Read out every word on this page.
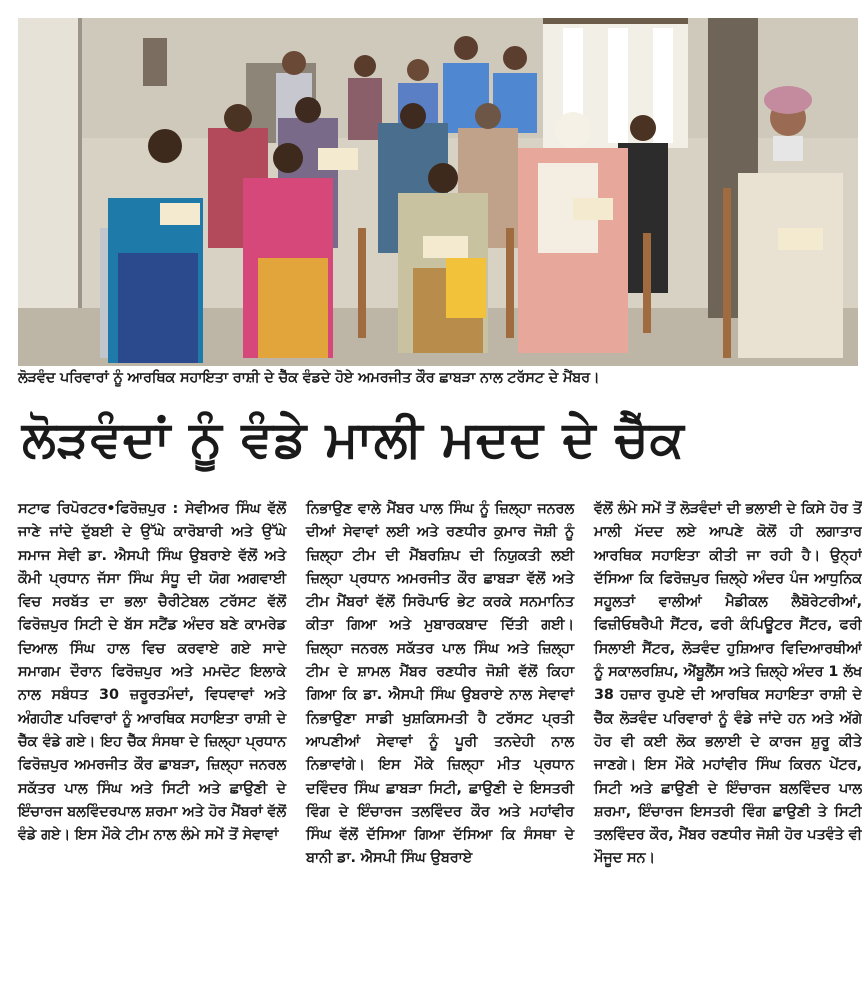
ਲੋੜਵੰਦ ਪਰਿਵਾਰਾਂ ਨੂੰ ਆਰਥਿਕ ਸਹਾਇਤਾ ਰਾਸ਼ੀ ਦੇ ਚੈੱਕ ਵੰਡਦੇ ਹੋਏ ਅਮਰਜੀਤ ਕੌਰ ਛਾਬੜਾ ਨਾਲ ਟਰੱਸਟ ਦੇ ਮੈਂਬਰ।
ਲੋੜਵੰਦਾਂ ਨੂੰ ਵੰਡੇ ਮਾਲੀ ਮਦਦ ਦੇ ਚੈੱਕ

ਸਟਾਫ ਰਿਪੋਰਟਰ•ਫਿਰੋਜ਼ਪੁਰ : ਸੇਵੀਅਰ ਸਿੰਘ ਵੱਲੋਂ ਜਾਣੇ ਜਾਂਦੇ ਦੁੱਬਈ ਦੇ ਉੱਘੇ ਕਾਰੋਬਾਰੀ ਅਤੇ ਉੱਘੇ ਸਮਾਜ ਸੇਵੀ ਡਾ. ਐਸਪੀ ਸਿੰਘ ਉਬਰਾਏ ਵੱਲੋਂ ਅਤੇ ਕੌਮੀ ਪ੍ਰਧਾਨ ਜੱਸਾ ਸਿੰਘ ਸੰਧੂ ਦੀ ਯੋਗ ਅਗਵਾਈ ਵਿਚ ਸਰਬੱਤ ਦਾ ਭਲਾ ਚੈਰੀਟੇਬਲ ਟਰੱਸਟ ਵੱਲੋਂ ਫਿਰੋਜ਼ਪੁਰ ਸਿਟੀ ਦੇ ਬੱਸ ਸਟੈਂਡ ਅੰਦਰ ਬਣੇ ਕਾਮਰੇਡ ਦਿਆਲ ਸਿੰਘ ਹਾਲ ਵਿਚ ਕਰਵਾਏ ਗਏ ਸਾਦੇ ਸਮਾਗਮ ਦੌਰਾਨ ਫਿਰੋਜ਼ਪੁਰ ਅਤੇ ਮਮਦੋਟ ਇਲਾਕੇ ਨਾਲ ਸਬੰਧਤ 30 ਜ਼ਰੂਰਤਮੰਦਾਂ, ਵਿਧਵਾਵਾਂ ਅਤੇ ਅੰਗਹੀਣ ਪਰਿਵਾਰਾਂ ਨੂੰ ਆਰਥਿਕ ਸਹਾਇਤਾ ਰਾਸ਼ੀ ਦੇ ਚੈੱਕ ਵੰਡੇ ਗਏ। ਇਹ ਚੈੱਕ ਸੰਸਥਾ ਦੇ ਜ਼ਿਲ੍ਹਾ ਪ੍ਰਧਾਨ ਫਿਰੋਜ਼ਪੁਰ ਅਮਰਜੀਤ ਕੌਰ ਛਾਬੜਾ, ਜ਼ਿਲ੍ਹਾ ਜਨਰਲ ਸਕੱਤਰ ਪਾਲ ਸਿੰਘ ਅਤੇ ਸਿਟੀ ਅਤੇ ਛਾਉਣੀ ਦੇ ਇੰਚਾਰਜ ਬਲਵਿੰਦਰਪਾਲ ਸ਼ਰਮਾ ਅਤੇ ਹੋਰ ਮੈਂਬਰਾਂ ਵੱਲੋਂ ਵੰਡੇ ਗਏ। ਇਸ ਮੌਕੇ ਟੀਮ ਨਾਲ ਲੰਮੇ ਸਮੇਂ ਤੋਂ ਸੇਵਾਵਾਂ

ਨਿਭਾਉਣ ਵਾਲੇ ਮੈਂਬਰ ਪਾਲ ਸਿੰਘ ਨੂੰ ਜ਼ਿਲ੍ਹਾ ਜਨਰਲ ਦੀਆਂ ਸੇਵਾਵਾਂ ਲਈ ਅਤੇ ਰਣਧੀਰ ਕੁਮਾਰ ਜੋਸ਼ੀ ਨੂੰ ਜ਼ਿਲ੍ਹਾ ਟੀਮ ਦੀ ਮੈਂਬਰਸ਼ਿਪ ਦੀ ਨਿਯੁਕਤੀ ਲਈ ਜ਼ਿਲ੍ਹਾ ਪ੍ਰਧਾਨ ਅਮਰਜੀਤ ਕੌਰ ਛਾਬੜਾ ਵੱਲੋਂ ਅਤੇ ਟੀਮ ਮੈਂਬਰਾਂ ਵੱਲੋਂ ਸਿਰੋਪਾਓ ਭੇਟ ਕਰਕੇ ਸਨਮਾਨਿਤ ਕੀਤਾ ਗਿਆ ਅਤੇ ਮੁਬਾਰਕਬਾਦ ਦਿੱਤੀ ਗਈ। ਜ਼ਿਲ੍ਹਾ ਜਨਰਲ ਸਕੱਤਰ ਪਾਲ ਸਿੰਘ ਅਤੇ ਜ਼ਿਲ੍ਹਾ ਟੀਮ ਦੇ ਸ਼ਾਮਲ ਮੈਂਬਰ ਰਣਧੀਰ ਜੋਸ਼ੀ ਵੱਲੋਂ ਕਿਹਾ ਗਿਆ ਕਿ ਡਾ. ਐਸਪੀ ਸਿੰਘ ਉਬਰਾਏ ਨਾਲ ਸੇਵਾਵਾਂ ਨਿਭਾਉਣਾ ਸਾਡੀ ਖੁਸ਼ਕਿਸਮਤੀ ਹੈ ਟਰੱਸਟ ਪ੍ਰਤੀ ਆਪਣੀਆਂ ਸੇਵਾਵਾਂ ਨੂੰ ਪੂਰੀ ਤਨਦੇਹੀ ਨਾਲ ਨਿਭਾਵਾਂਗੇ। ਇਸ ਮੌਕੇ ਜ਼ਿਲ੍ਹਾ ਮੀਤ ਪ੍ਰਧਾਨ ਦਵਿੰਦਰ ਸਿੰਘ ਛਾਬੜਾ ਸਿਟੀ, ਛਾਉਣੀ ਦੇ ਇਸਤਰੀ ਵਿੰਗ ਦੇ ਇੰਚਾਰਜ ਤਲਵਿੰਦਰ ਕੌਰ ਅਤੇ ਮਹਾਂਵੀਰ ਸਿੰਘ ਵੱਲੋਂ ਦੱਸਿਆ ਗਿਆ ਦੱਸਿਆ ਕਿ ਸੰਸਥਾ ਦੇ ਬਾਨੀ ਡਾ. ਐਸਪੀ ਸਿੰਘ ਉਬਰਾਏ

ਵੱਲੋਂ ਲੰਮੇ ਸਮੇਂ ਤੋਂ ਲੋੜਵੰਦਾਂ ਦੀ ਭਲਾਈ ਦੇ ਕਿਸੇ ਹੋਰ ਤੋਂ ਮਾਲੀ ਮੱਦਦ ਲਏ ਆਪਣੇ ਕੋਲੋਂ ਹੀ ਲਗਾਤਾਰ ਆਰਥਿਕ ਸਹਾਇਤਾ ਕੀਤੀ ਜਾ ਰਹੀ ਹੈ। ਉਨ੍ਹਾਂ ਦੱਸਿਆ ਕਿ ਫਿਰੋਜ਼ਪੁਰ ਜ਼ਿਲ੍ਹੇ ਅੰਦਰ ਪੰਜ ਆਧੁਨਿਕ ਸਹੂਲਤਾਂ ਵਾਲੀਆਂ ਮੈਡੀਕਲ ਲੈਬੋਰੇਟਰੀਆਂ, ਫਿਜ਼ੀਓਥਰੈਪੀ ਸੈਂਟਰ, ਫਰੀ ਕੰਪਿਊਟਰ ਸੈਂਟਰ, ਫਰੀ ਸਿਲਾਈ ਸੈਂਟਰ, ਲੋੜਵੰਦ ਹੁਸ਼ਿਆਰ ਵਿਦਿਆਰਥੀਆਂ ਨੂੰ ਸਕਾਲਰਸ਼ਿਪ, ਐਂਬੂਲੈਂਸ ਅਤੇ ਜ਼ਿਲ੍ਹੇ ਅੰਦਰ 1 ਲੱਖ 38 ਹਜ਼ਾਰ ਰੁਪਏ ਦੀ ਆਰਥਿਕ ਸਹਾਇਤਾ ਰਾਸ਼ੀ ਦੇ ਚੈੱਕ ਲੋੜਵੰਦ ਪਰਿਵਾਰਾਂ ਨੂੰ ਵੰਡੇ ਜਾਂਦੇ ਹਨ ਅਤੇ ਅੱਗੇ ਹੋਰ ਵੀ ਕਈ ਲੋਕ ਭਲਾਈ ਦੇ ਕਾਰਜ ਸ਼ੁਰੂ ਕੀਤੇ ਜਾਣਗੇ। ਇਸ ਮੌਕੇ ਮਹਾਂਵੀਰ ਸਿੰਘ ਕਿਰਨ ਪੇਂਟਰ, ਸਿਟੀ ਅਤੇ ਛਾਉਣੀ ਦੇ ਇੰਚਾਰਜ ਬਲਵਿੰਦਰ ਪਾਲ ਸ਼ਰਮਾ, ਇੰਚਾਰਜ ਇਸਤਰੀ ਵਿੰਗ ਛਾਉਣੀ ਤੇ ਸਿਟੀ ਤਲਵਿੰਦਰ ਕੌਰ, ਮੈਂਬਰ ਰਣਧੀਰ ਜੋਸ਼ੀ ਹੋਰ ਪਤਵੰਤੇ ਵੀ ਮੌਜੂਦ ਸਨ।
